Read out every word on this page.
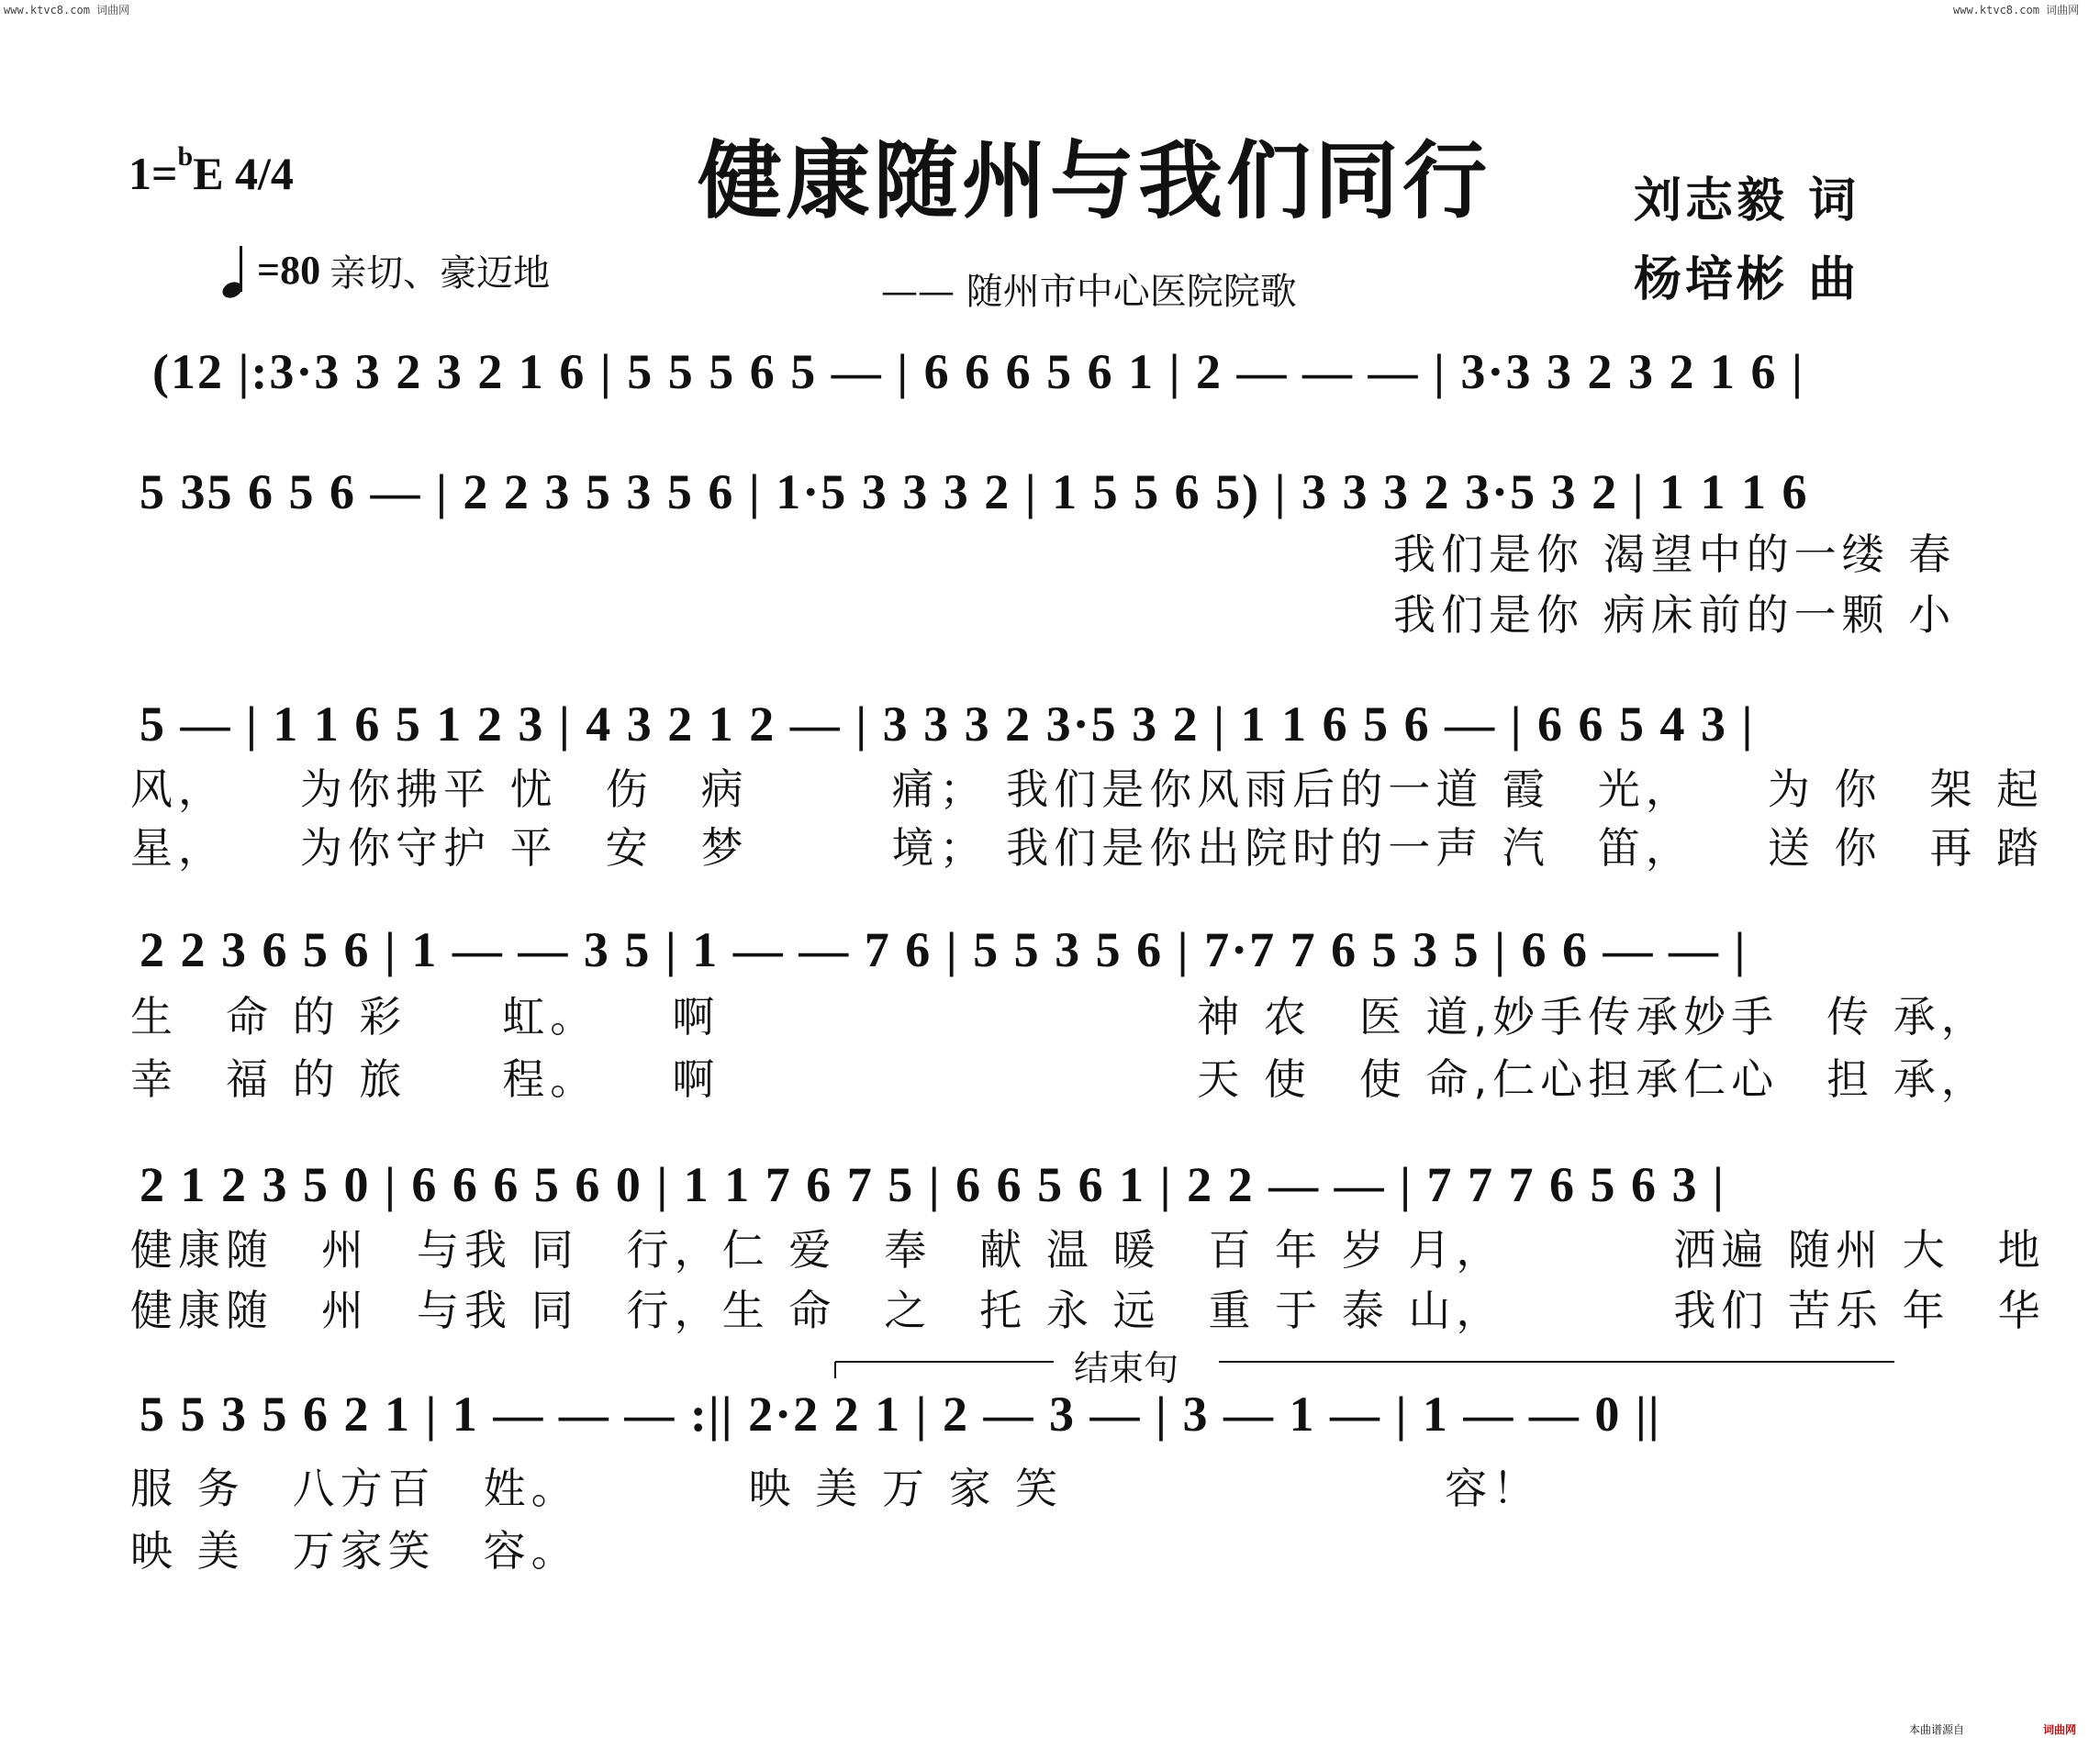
www.ktvc8.com 词曲网	www.ktvc8.com 词曲网
1=$^b$E 4/4	健康随州与我们同行	刘志毅 词
杨培彬 曲
=80 亲切、豪迈地	—— 随州市中心医院院歌
(12 |:3·3 3 2 3 2 1 6 | 5 5 5 6 5 — | 6 6 6 5 6 1 | 2 — — — | 3·3 3 2 3 2 1 6 |
5 35 6 5 6 — | 2 2 3 5 3 5 6 | 1·5 3 3 3 2 | 1 5 5 6 5) | 3 3 3 2 3·5 3 2 | 1 1 1 6
我们是你 渴望中的一缕 春
我们是你 病床前的一颗 小
5 — | 1 1 6 5 1 2 3 | 4 3 2 1 2 — | 3 3 3 2 3·5 3 2 | 1 1 6 5 6 — | 6 6 5 4 3 |
风，　　为你拂平 忧　伤　病　　　痛； 我们是你风雨后的一道 霞　光，　　为 你　架 起
星，　　为你守护 平　安　梦　　　境； 我们是你出院时的一声 汽　笛，　　送 你　再 踏
2 2 3 6 5 6 | 1 — — 3 5 | 1 — — 7 6 | 5 5 3 5 6 | 7·7 7 6 5 3 5 | 6 6 — — |
生　命 的 彩　　虹。　　啊　　　　　　　　　　神 农　医 道,妙手传承妙手　传 承，
幸　福 的 旅　　程。　　啊　　　　　　　　　　天 使　使 命,仁心担承仁心　担 承，
2 1 2 3 5 0 | 6 6 6 5 6 0 | 1 1 7 6 7 5 | 6 6 5 6 1 | 2 2 — — | 7 7 7 6 5 6 3 |
健康随　州　与我 同　行，仁 爱　奉　献 温 暖　百 年 岁 月，　　　　洒遍 随州 大　地
健康随　州　与我 同　行，生 命　之　托 永 远　重 于 泰 山，　　　　我们 苦乐 年　华
结束句
5 5 3 5 6 2 1 | 1 — — — :|| 2·2 2 1 | 2 — 3 — | 3 — 1 — | 1 — — 0 ||
服 务　八方百　姓。　　　　映 美 万 家 笑　　　　　　　　容！
映 美　万家笑　容。
本曲谱源自	词曲网
